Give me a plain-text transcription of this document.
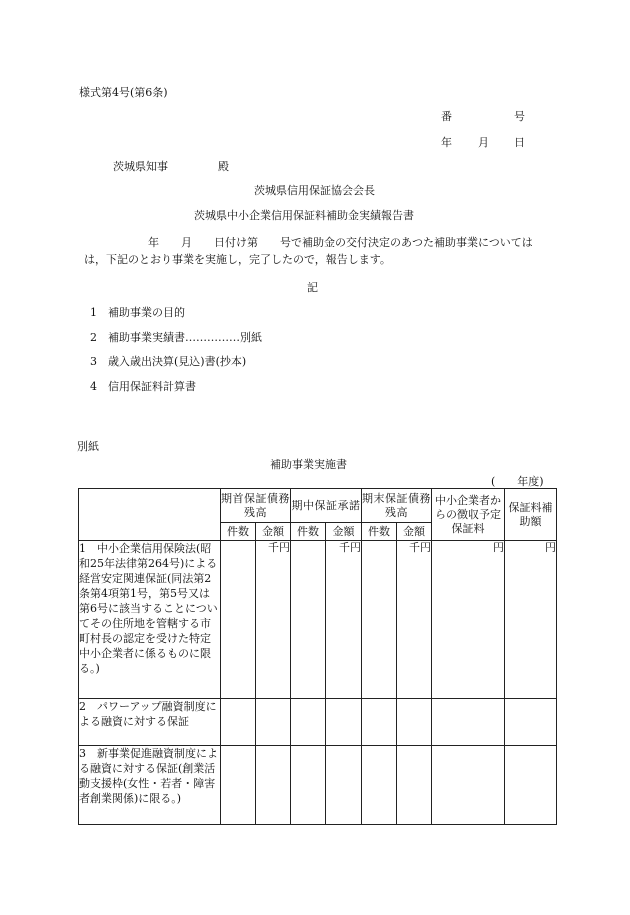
様式第4号(第6条)
番	号
年 月 日
茨城県知事	殿
茨城県信用保証協会会長
茨城県中小企業信用保証料補助金実績報告書
年　　月　　日付け第　　号で補助金の交付決定のあつた補助事業については
は，下記のとおり事業を実施し，完了したので，報告します。
記
1　補助事業の目的
2　補助事業実績書……………別紙
3　歳入歳出決算(見込)書(抄本)
4　信用保証料計算書
別紙
補助事業実施書
(　　年度)
	期首保証債務残高		期中保証承諾		期末保証債務残高		中小企業者からの徴収予定保証料	保証料補助額
	件数	金額	件数	金額	件数	金額		
1　中小企業信用保険法(昭和25年法律第264号)による経営安定関連保証(同法第2条第4項第1号，第5号又は第6号に該当することについてその住所地を管轄する市町村長の認定を受けた特定中小企業者に係るものに限る。)		千円		千円		千円	円	円
2　パワーアップ融資制度による融資に対する保証								
3　新事業促進融資制度による融資に対する保証(創業活動支援枠(女性・若者・障害者創業関係)に限る。)								
